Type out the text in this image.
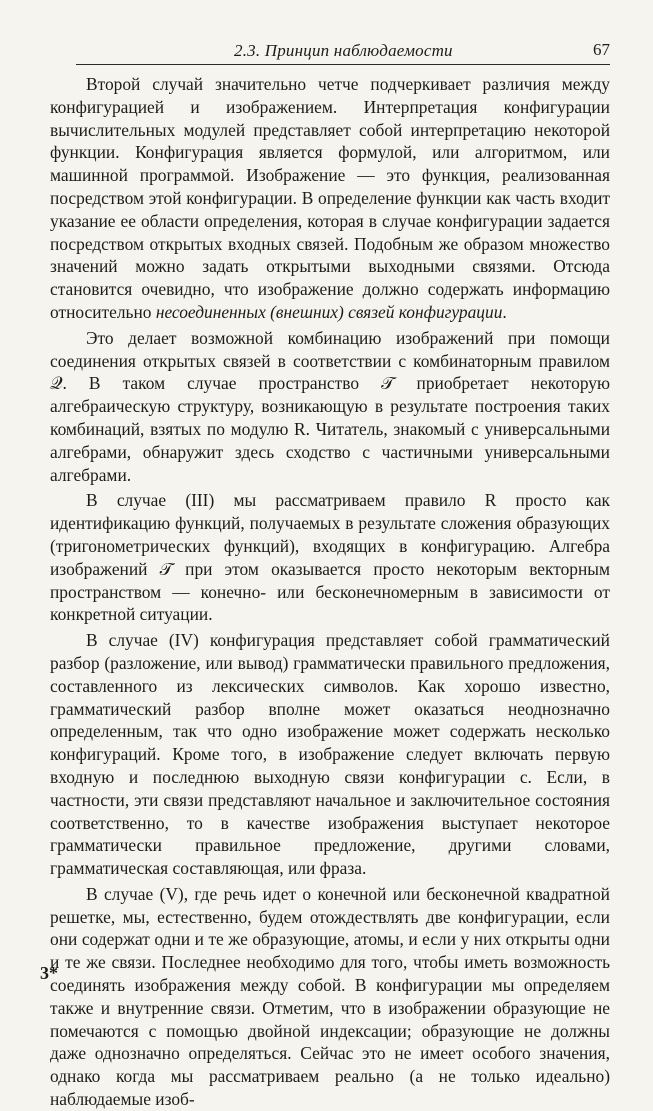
2.3. Принцип наблюдаемости	67

Второй случай значительно четче подчеркивает различия между конфигурацией и изображением. Интерпретация конфигурации вычислительных модулей представляет собой интерпретацию некоторой функции. Конфигурация является формулой, или алгоритмом, или машинной программой. Изображение — это функция, реализованная посредством этой конфигурации. В определение функции как часть входит указание ее области определения, которая в случае конфигурации задается посредством открытых входных связей. Подобным же образом множество значений можно задать открытыми выходными связями. Отсюда становится очевидно, что изображение должно содержать информацию относительно несоединенных (внешних) связей конфигурации.

Это делает возможной комбинацию изображений при помощи соединения открытых связей в соответствии с комбинаторным правилом 𝒬. В таком случае пространство 𝒯 приобретает некоторую алгебраическую структуру, возникающую в результате построения таких комбинаций, взятых по модулю R. Читатель, знакомый с универсальными алгебрами, обнаружит здесь сходство с частичными универсальными алгебрами.

В случае (III) мы рассматриваем правило R просто как идентификацию функций, получаемых в результате сложения образующих (тригонометрических функций), входящих в конфигурацию. Алгебра изображений 𝒯 при этом оказывается просто некоторым векторным пространством — конечно- или бесконечномерным в зависимости от конкретной ситуации.

В случае (IV) конфигурация представляет собой грамматический разбор (разложение, или вывод) грамматически правильного предложения, составленного из лексических символов. Как хорошо известно, грамматический разбор вполне может оказаться неоднозначно определенным, так что одно изображение может содержать несколько конфигураций. Кроме того, в изображение следует включать первую входную и последнюю выходную связи конфигурации c. Если, в частности, эти связи представляют начальное и заключительное состояния соответственно, то в качестве изображения выступает некоторое грамматически правильное предложение, другими словами, грамматическая составляющая, или фраза.

В случае (V), где речь идет о конечной или бесконечной квадратной решетке, мы, естественно, будем отождествлять две конфигурации, если они содержат одни и те же образующие, атомы, и если у них открыты одни и те же связи. Последнее необходимо для того, чтобы иметь возможность соединять изображения между собой. В конфигурации мы определяем также и внутренние связи. Отметим, что в изображении образующие не помечаются с помощью двойной индексации; образующие не должны даже однозначно определяться. Сейчас это не имеет особого значения, однако когда мы рассматриваем реально (а не только идеально) наблюдаемые изоб-

3*
